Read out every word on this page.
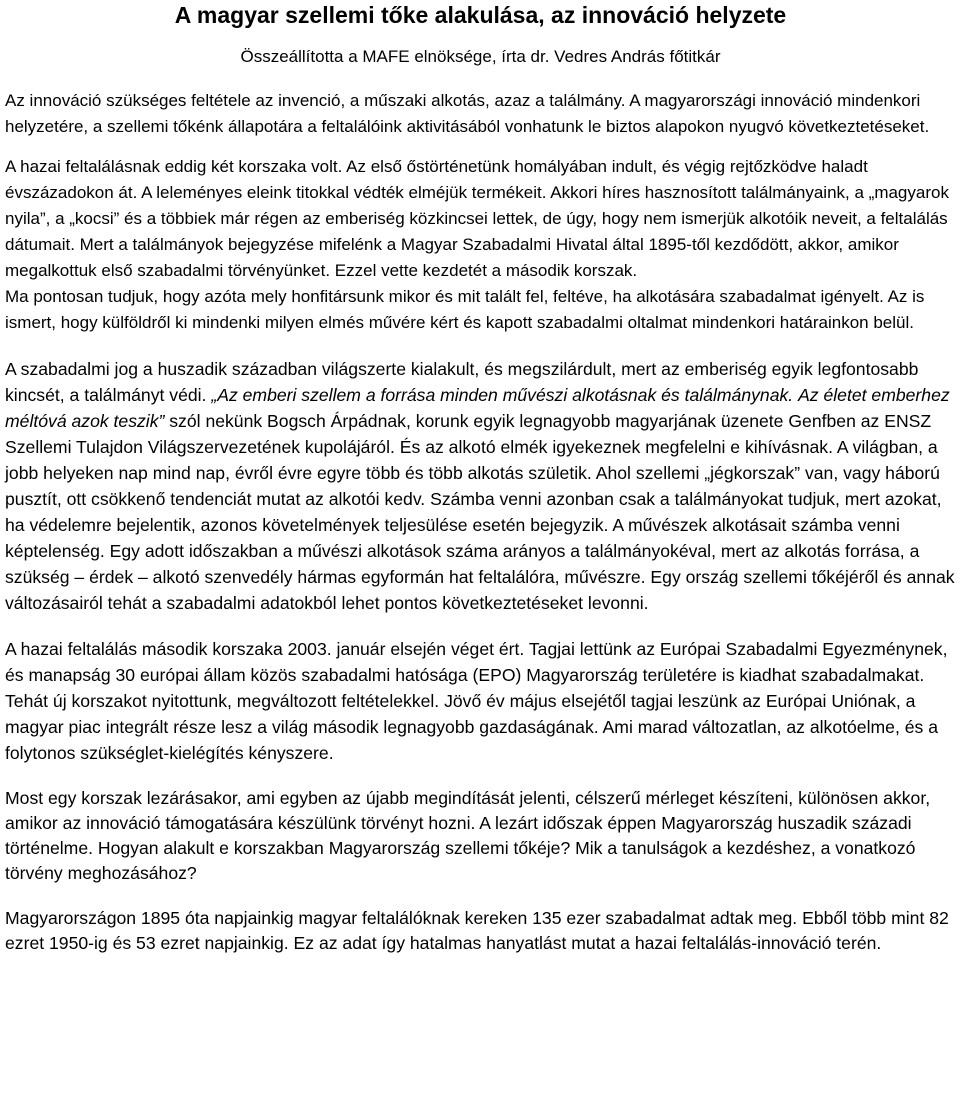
A magyar szellemi tőke alakulása, az innováció helyzete
Összeállította a MAFE elnöksége, írta dr. Vedres András főtitkár

Az innováció szükséges feltétele az invenció, a műszaki alkotás, azaz a találmány. A magyarországi innováció mindenkori helyzetére, a szellemi tőkénk állapotára a feltalálóink aktivitásából vonhatunk le biztos alapokon nyugvó következtetéseket.

A hazai feltalálásnak eddig két korszaka volt. Az első őstörténetünk homályában indult, és végig rejtőzködve haladt évszázadokon át. A leleményes eleink titokkal védték elméjük termékeit. Akkori híres hasznosított találmányaink, a „magyarok nyila”, a „kocsi” és a többiek már régen az emberiség közkincsei lettek, de úgy, hogy nem ismerjük alkotóik neveit, a feltalálás dátumait. Mert a találmányok bejegyzése mifelénk a Magyar Szabadalmi Hivatal által 1895-től kezdődött, akkor, amikor megalkottuk első szabadalmi törvényünket. Ezzel vette kezdetét a második korszak.

Ma pontosan tudjuk, hogy azóta mely honfitársunk mikor és mit talált fel, feltéve, ha alkotására szabadalmat igényelt. Az is ismert, hogy külföldről ki mindenki milyen elmés művére kért és kapott szabadalmi oltalmat mindenkori határainkon belül.

A szabadalmi jog a huszadik században világszerte kialakult, és megszilárdult, mert az emberiség egyik legfontosabb kincsét, a találmányt védi. „Az emberi szellem a forrása minden művészi alkotásnak és találmánynak. Az életet emberhez méltóvá azok teszik” szól nekünk Bogsch Árpádnak, korunk egyik legnagyobb magyarjának üzenete Genfben az ENSZ Szellemi Tulajdon Világszervezetének kupolájáról. És az alkotó elmék igyekeznek megfelelni e kihívásnak. A világban, a jobb helyeken nap mind nap, évről évre egyre több és több alkotás születik. Ahol szellemi „jégkorszak” van, vagy háború pusztít, ott csökkenő tendenciát mutat az alkotói kedv. Számba venni azonban csak a találmányokat tudjuk, mert azokat, ha védelemre bejelentik, azonos követelmények teljesülése esetén bejegyzik. A művészek alkotásait számba venni képtelenség. Egy adott időszakban a művészi alkotások száma arányos a találmányokéval, mert az alkotás forrása, a szükség – érdek – alkotó szenvedély hármas egyformán hat feltalálóra, művészre. Egy ország szellemi tőkéjéről és annak változásairól tehát a szabadalmi adatokból lehet pontos következtetéseket levonni.

A hazai feltalálás második korszaka 2003. január elsején véget ért. Tagjai lettünk az Európai Szabadalmi Egyezménynek, és manapság 30 európai állam közös szabadalmi hatósága (EPO) Magyarország területére is kiadhat szabadalmakat. Tehát új korszakot nyitottunk, megváltozott feltételekkel. Jövő év május elsejétől tagjai leszünk az Európai Uniónak, a magyar piac integrált része lesz a világ második legnagyobb gazdaságának. Ami marad változatlan, az alkotóelme, és a folytonos szükséglet-kielégítés kényszere.

Most egy korszak lezárásakor, ami egyben az újabb megindítását jelenti, célszerű mérleget készíteni, különösen akkor, amikor az innováció támogatására készülünk törvényt hozni. A lezárt időszak éppen Magyarország huszadik századi történelme. Hogyan alakult e korszakban Magyarország szellemi tőkéje? Mik a tanulságok a kezdéshez, a vonatkozó törvény meghozásához?

Magyarországon 1895 óta napjainkig magyar feltalálóknak kereken 135 ezer szabadalmat adtak meg. Ebből több mint 82 ezret 1950-ig és 53 ezret napjainkig. Ez az adat így hatalmas hanyatlást mutat a hazai feltalálás-innováció terén.
